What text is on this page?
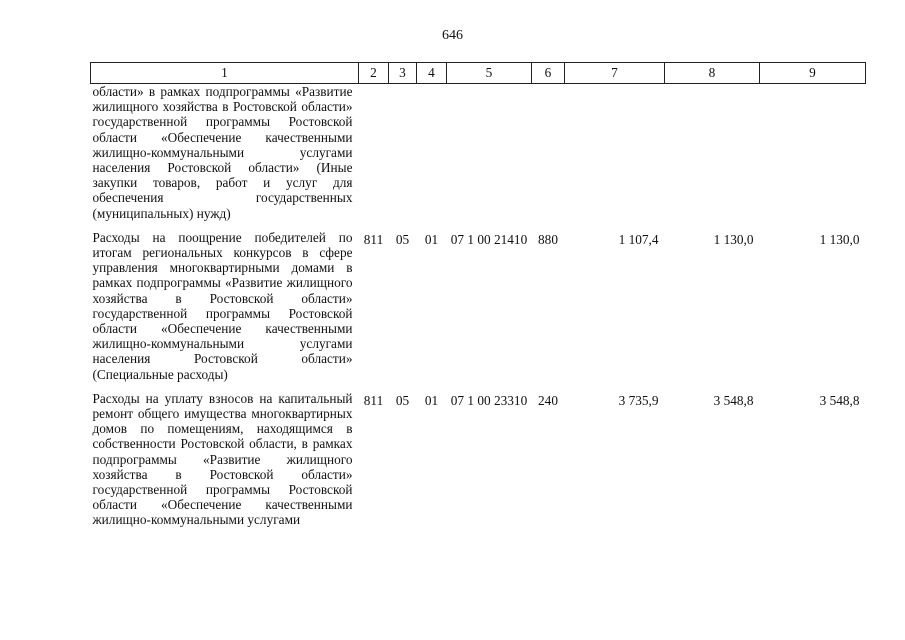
646
1	2	3	4	5	6	7	8	9
области» в рамках подпрограммы «Развитие жилищного хозяйства в Ростовской области» государственной программы Ростовской области «Обеспечение качественными жилищно-коммунальными услугами населения Ростовской области» (Иные закупки товаров, работ и услуг для обеспечения государственных (муниципальных) нужд)								
Расходы на поощрение победителей по итогам региональных конкурсов в сфере управления многоквартирными домами в рамках подпрограммы «Развитие жилищного хозяйства в Ростовской области» государственной программы Ростовской области «Обеспечение качественными жилищно-коммунальными услугами населения Ростовской области» (Специальные расходы)	811	05	01	07 1 00 21410	880	1 107,4	1 130,0	1 130,0
Расходы на уплату взносов на капитальный ремонт общего имущества многоквартирных домов по помещениям, находящимся в собственности Ростовской области, в рамках подпрограммы «Развитие жилищного хозяйства в Ростовской области» государственной программы Ростовской области «Обеспечение качественными жилищно-коммунальными услугами	811	05	01	07 1 00 23310	240	3 735,9	3 548,8	3 548,8
